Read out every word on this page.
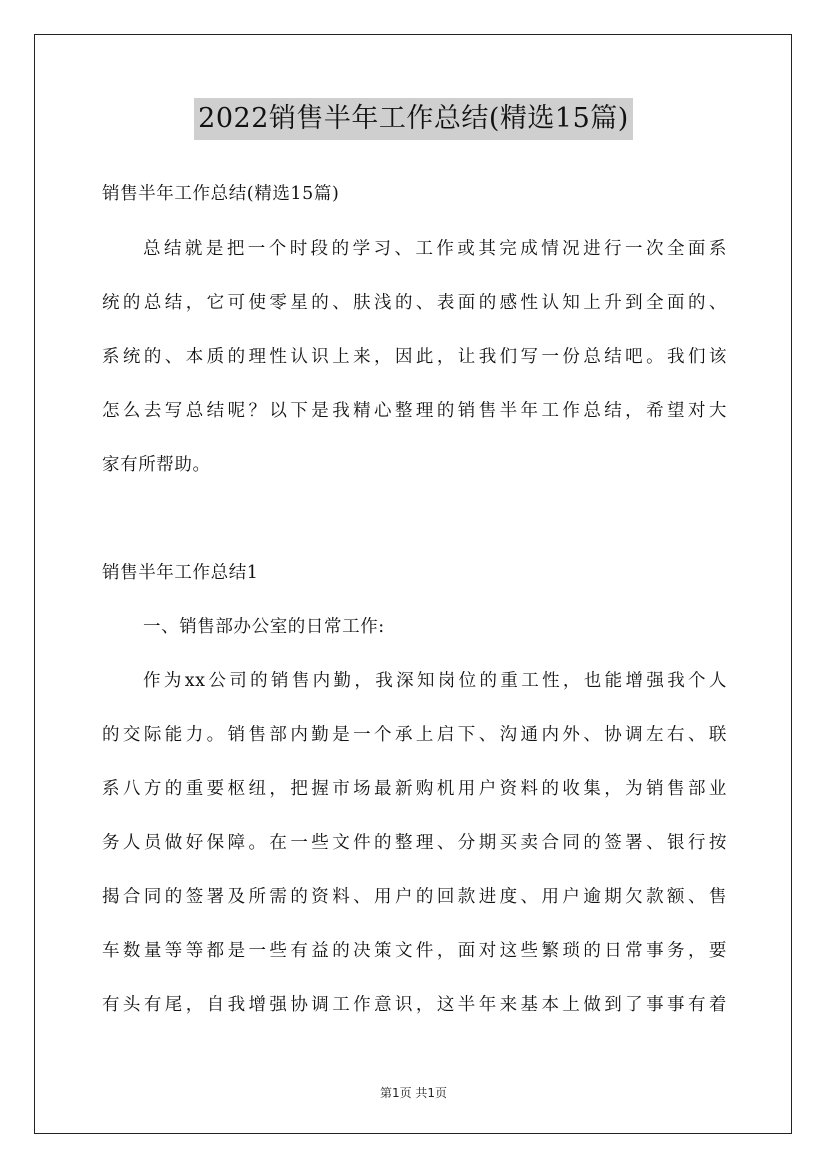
2022销售半年工作总结(精选15篇)
销售半年工作总结(精选15篇)
总结就是把一个时段的学习、工作或其完成情况进行一次全面系
统的总结，它可使零星的、肤浅的、表面的感性认知上升到全面的、
系统的、本质的理性认识上来，因此，让我们写一份总结吧。我们该
怎么去写总结呢？以下是我精心整理的销售半年工作总结，希望对大
家有所帮助。
销售半年工作总结1
一、销售部办公室的日常工作:
作为xx公司的销售内勤，我深知岗位的重工性，也能增强我个人
的交际能力。销售部内勤是一个承上启下、沟通内外、协调左右、联
系八方的重要枢纽，把握市场最新购机用户资料的收集，为销售部业
务人员做好保障。在一些文件的整理、分期买卖合同的签署、银行按
揭合同的签署及所需的资料、用户的回款进度、用户逾期欠款额、售
车数量等等都是一些有益的决策文件，面对这些繁琐的日常事务，要
有头有尾，自我增强协调工作意识，这半年来基本上做到了事事有着
第1页 共1页
